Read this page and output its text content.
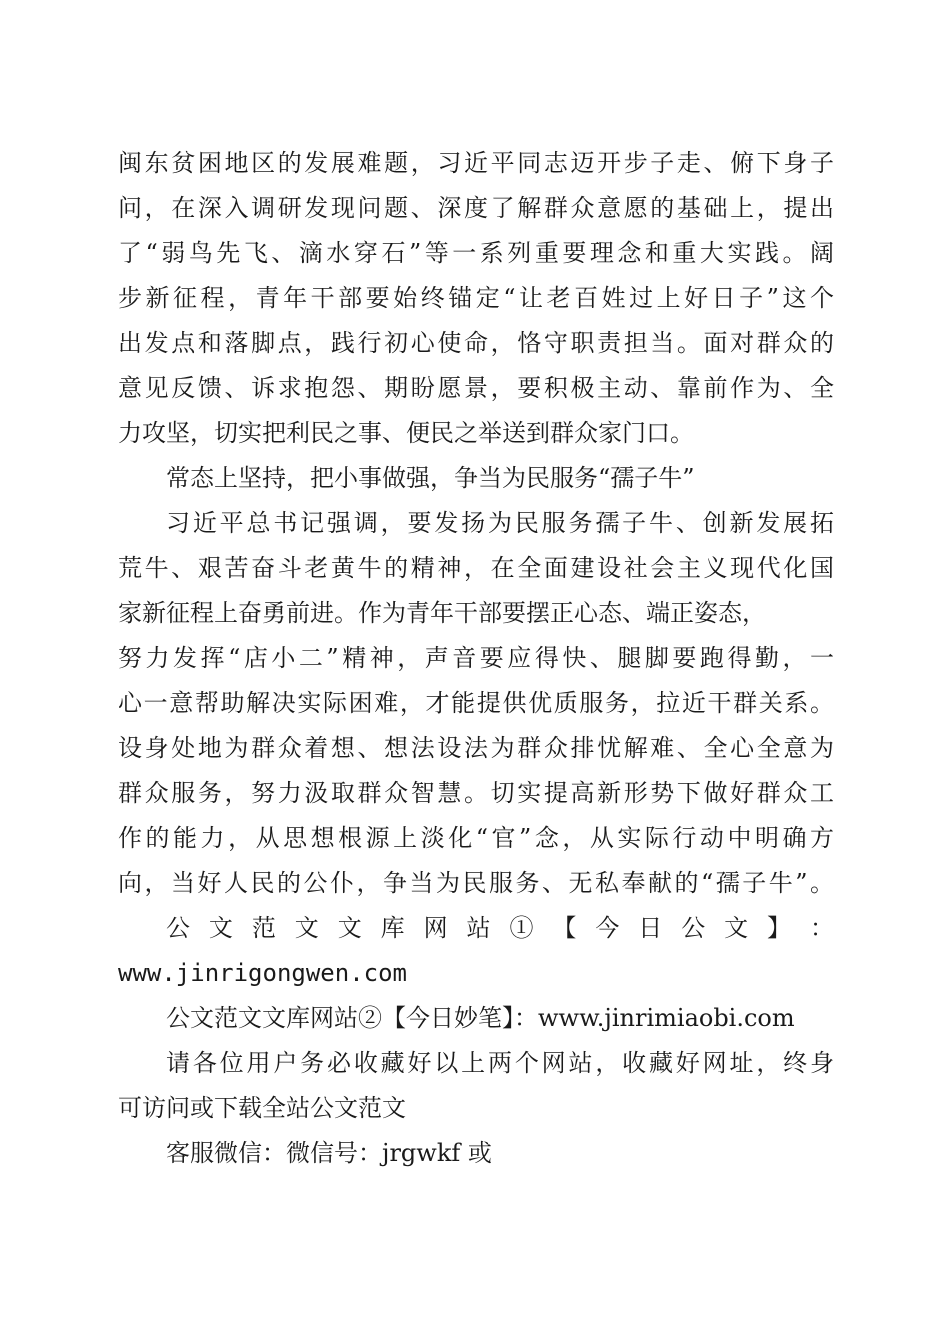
闽东贫困地区的发展难题，习近平同志迈开步子走、俯下身子
问，在深入调研发现问题、深度了解群众意愿的基础上，提出
了“弱鸟先飞、滴水穿石”等一系列重要理念和重大实践。阔
步新征程，青年干部要始终锚定“让老百姓过上好日子”这个
出发点和落脚点，践行初心使命，恪守职责担当。面对群众的
意见反馈、诉求抱怨、期盼愿景，要积极主动、靠前作为、全
力攻坚，切实把利民之事、便民之举送到群众家门口。
常态上坚持，把小事做强，争当为民服务“孺子牛”
习近平总书记强调，要发扬为民服务孺子牛、创新发展拓
荒牛、艰苦奋斗老黄牛的精神，在全面建设社会主义现代化国
家新征程上奋勇前进。作为青年干部要摆正心态、端正姿态，
努力发挥“店小二”精神，声音要应得快、腿脚要跑得勤，一
心一意帮助解决实际困难，才能提供优质服务，拉近干群关系。
设身处地为群众着想、想法设法为群众排忧解难、全心全意为
群众服务，努力汲取群众智慧。切实提高新形势下做好群众工
作的能力，从思想根源上淡化“官”念，从实际行动中明确方
向，当好人民的公仆，争当为民服务、无私奉献的“孺子牛”。
公 文 范 文 文 库 网 站 ① 【 今 日 公 文 】 ：
www.jinrigongwen.com
公文范文文库网站②【今日妙笔】：www.jinrimiaobi.com
请各位用户务必收藏好以上两个网站，收藏好网址，终身
可访问或下载全站公文范文
客服微信：微信号：jrgwkf 或
